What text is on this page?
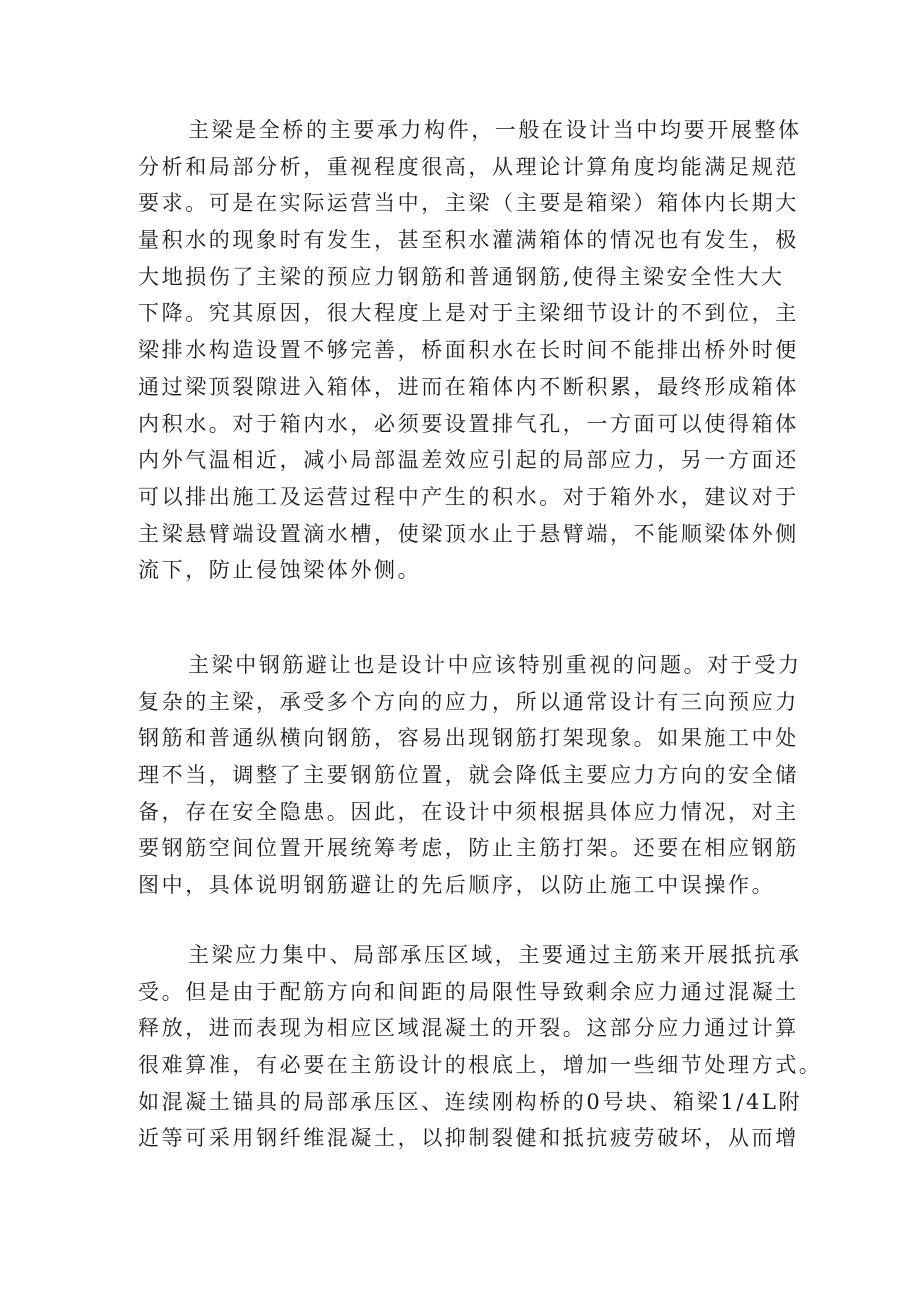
主梁是全桥的主要承力构件，一般在设计当中均要开展整体
分析和局部分析，重视程度很高，从理论计算角度均能满足规范
要求。可是在实际运营当中，主梁（主要是箱梁）箱体内长期大
量积水的现象时有发生，甚至积水灌满箱体的情况也有发生，极
大地损伤了主梁的预应力钢筋和普通钢筋,使得主梁安全性大大
下降。究其原因，很大程度上是对于主梁细节设计的不到位，主
梁排水构造设置不够完善，桥面积水在长时间不能排出桥外时便
通过梁顶裂隙进入箱体，进而在箱体内不断积累，最终形成箱体
内积水。对于箱内水，必须要设置排气孔，一方面可以使得箱体
内外气温相近，减小局部温差效应引起的局部应力，另一方面还
可以排出施工及运营过程中产生的积水。对于箱外水，建议对于
主梁悬臂端设置滴水槽，使梁顶水止于悬臂端，不能顺梁体外侧
流下，防止侵蚀梁体外侧。
主梁中钢筋避让也是设计中应该特别重视的问题。对于受力
复杂的主梁，承受多个方向的应力，所以通常设计有三向预应力
钢筋和普通纵横向钢筋，容易出现钢筋打架现象。如果施工中处
理不当，调整了主要钢筋位置，就会降低主要应力方向的安全储
备，存在安全隐患。因此，在设计中须根据具体应力情况，对主
要钢筋空间位置开展统筹考虑，防止主筋打架。还要在相应钢筋
图中，具体说明钢筋避让的先后顺序，以防止施工中误操作。
主梁应力集中、局部承压区域，主要通过主筋来开展抵抗承
受。但是由于配筋方向和间距的局限性导致剩余应力通过混凝土
释放，进而表现为相应区域混凝土的开裂。这部分应力通过计算
很难算准，有必要在主筋设计的根底上，增加一些细节处理方式。
如混凝土锚具的局部承压区、连续刚构桥的0号块、箱梁1/4L附
近等可采用钢纤维混凝土，以抑制裂健和抵抗疲劳破坏，从而增
